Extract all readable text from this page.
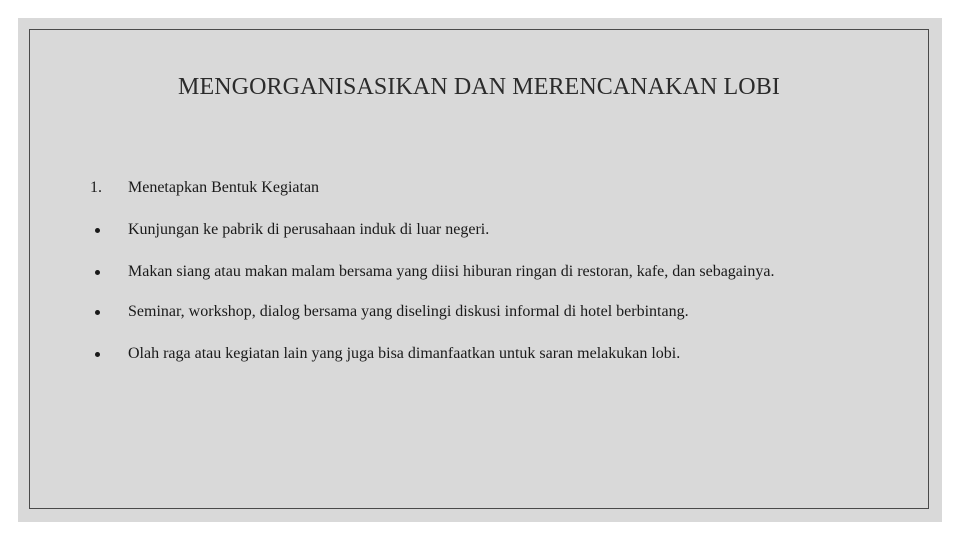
MENGORGANISASIKAN DAN MERENCANAKAN LOBI
1.	Menetapkan Bentuk Kegiatan
Kunjungan ke pabrik di perusahaan induk di luar negeri.
Makan siang atau makan malam bersama yang diisi hiburan ringan di restoran, kafe, dan sebagainya.
Seminar, workshop, dialog bersama yang diselingi diskusi informal di hotel berbintang.
Olah raga atau kegiatan lain yang juga bisa dimanfaatkan untuk saran melakukan lobi.
